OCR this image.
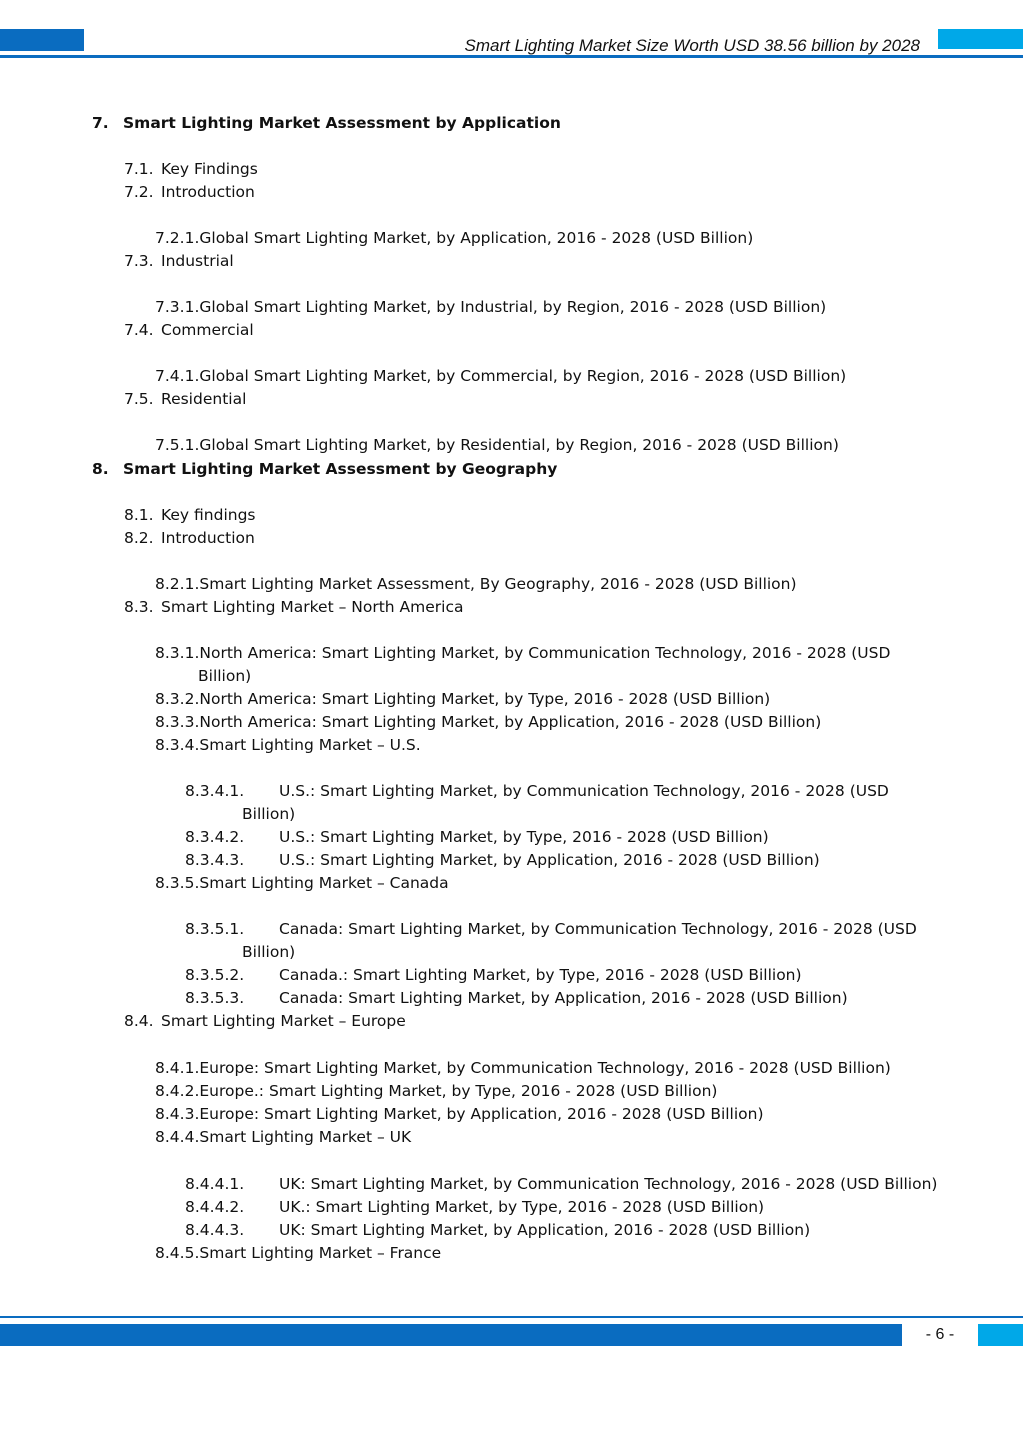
Smart Lighting Market Size Worth USD 38.56 billion by 2028
7. Smart Lighting Market Assessment by Application
7.1. Key Findings
7.2. Introduction
7.2.1.Global Smart Lighting Market, by Application, 2016 - 2028 (USD Billion)
7.3. Industrial
7.3.1.Global Smart Lighting Market, by Industrial, by Region, 2016 - 2028 (USD Billion)
7.4. Commercial
7.4.1.Global Smart Lighting Market, by Commercial, by Region, 2016 - 2028 (USD Billion)
7.5. Residential
7.5.1.Global Smart Lighting Market, by Residential, by Region, 2016 - 2028 (USD Billion)
8. Smart Lighting Market Assessment by Geography
8.1. Key findings
8.2. Introduction
8.2.1.Smart Lighting Market Assessment, By Geography, 2016 - 2028 (USD Billion)
8.3. Smart Lighting Market – North America
8.3.1.North America: Smart Lighting Market, by Communication Technology, 2016 - 2028 (USD
Billion)
8.3.2.North America: Smart Lighting Market, by Type, 2016 - 2028 (USD Billion)
8.3.3.North America: Smart Lighting Market, by Application, 2016 - 2028 (USD Billion)
8.3.4.Smart Lighting Market – U.S.
8.3.4.1. U.S.: Smart Lighting Market, by Communication Technology, 2016 - 2028 (USD
Billion)
8.3.4.2. U.S.: Smart Lighting Market, by Type, 2016 - 2028 (USD Billion)
8.3.4.3. U.S.: Smart Lighting Market, by Application, 2016 - 2028 (USD Billion)
8.3.5.Smart Lighting Market – Canada
8.3.5.1. Canada: Smart Lighting Market, by Communication Technology, 2016 - 2028 (USD
Billion)
8.3.5.2. Canada.: Smart Lighting Market, by Type, 2016 - 2028 (USD Billion)
8.3.5.3. Canada: Smart Lighting Market, by Application, 2016 - 2028 (USD Billion)
8.4. Smart Lighting Market – Europe
8.4.1.Europe: Smart Lighting Market, by Communication Technology, 2016 - 2028 (USD Billion)
8.4.2.Europe.: Smart Lighting Market, by Type, 2016 - 2028 (USD Billion)
8.4.3.Europe: Smart Lighting Market, by Application, 2016 - 2028 (USD Billion)
8.4.4.Smart Lighting Market – UK
8.4.4.1. UK: Smart Lighting Market, by Communication Technology, 2016 - 2028 (USD Billion)
8.4.4.2. UK.: Smart Lighting Market, by Type, 2016 - 2028 (USD Billion)
8.4.4.3. UK: Smart Lighting Market, by Application, 2016 - 2028 (USD Billion)
8.4.5.Smart Lighting Market – France
- 6 -
